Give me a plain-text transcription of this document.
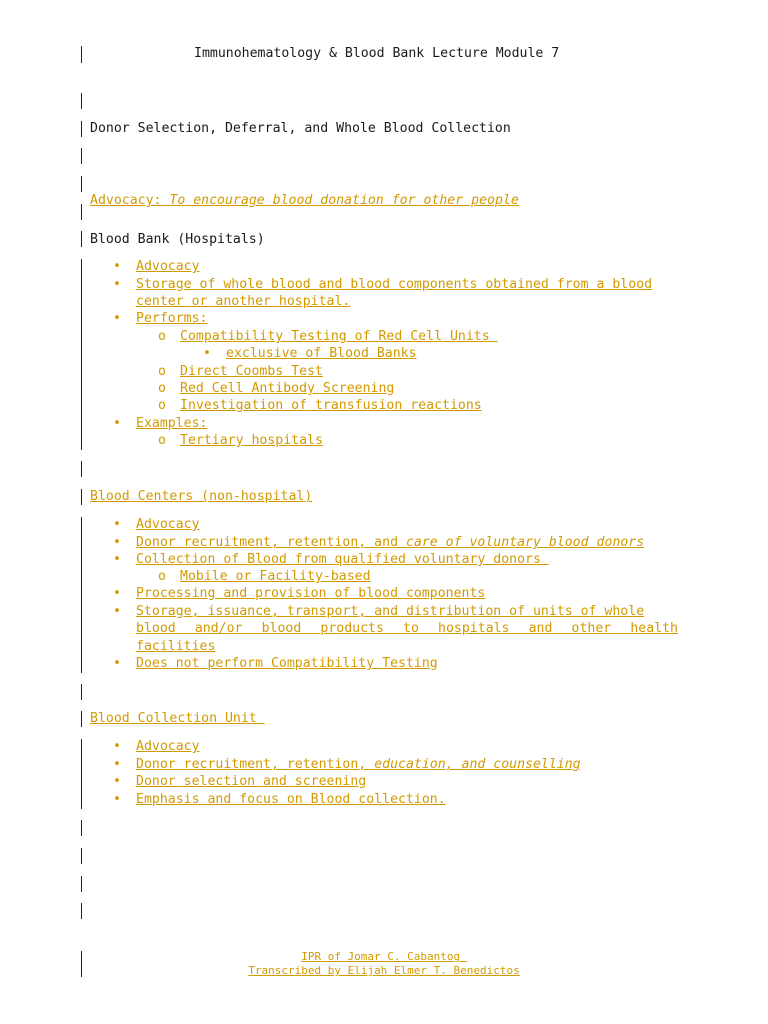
Immunohematology & Blood Bank Lecture Module 7
Donor Selection, Deferral, and Whole Blood Collection

Advocacy: To encourage blood donation for other people
Blood Bank (Hospitals)
• Advocacy
• Storage of whole blood and blood components obtained from a blood
center or another hospital.
• Performs:
o Compatibility Testing of Red Cell Units
• exclusive of Blood Banks
o Direct Coombs Test
o Red Cell Antibody Screening
o Investigation of transfusion reactions
• Examples:
o Tertiary hospitals
Blood Centers (non-hospital)
• Advocacy
• Donor recruitment, retention, and care of voluntary blood donors
• Collection of Blood from qualified voluntary donors
o Mobile or Facility-based
• Processing and provision of blood components
• Storage, issuance, transport, and distribution of units of whole
blood and/or blood products to hospitals and other health
facilities
• Does not perform Compatibility Testing
Blood Collection Unit
• Advocacy
• Donor recruitment, retention, education, and counselling
• Donor selection and screening
• Emphasis and focus on Blood collection.
IPR of Jomar C. Cabantog
Transcribed by Elijah Elmer T. Benedictos
